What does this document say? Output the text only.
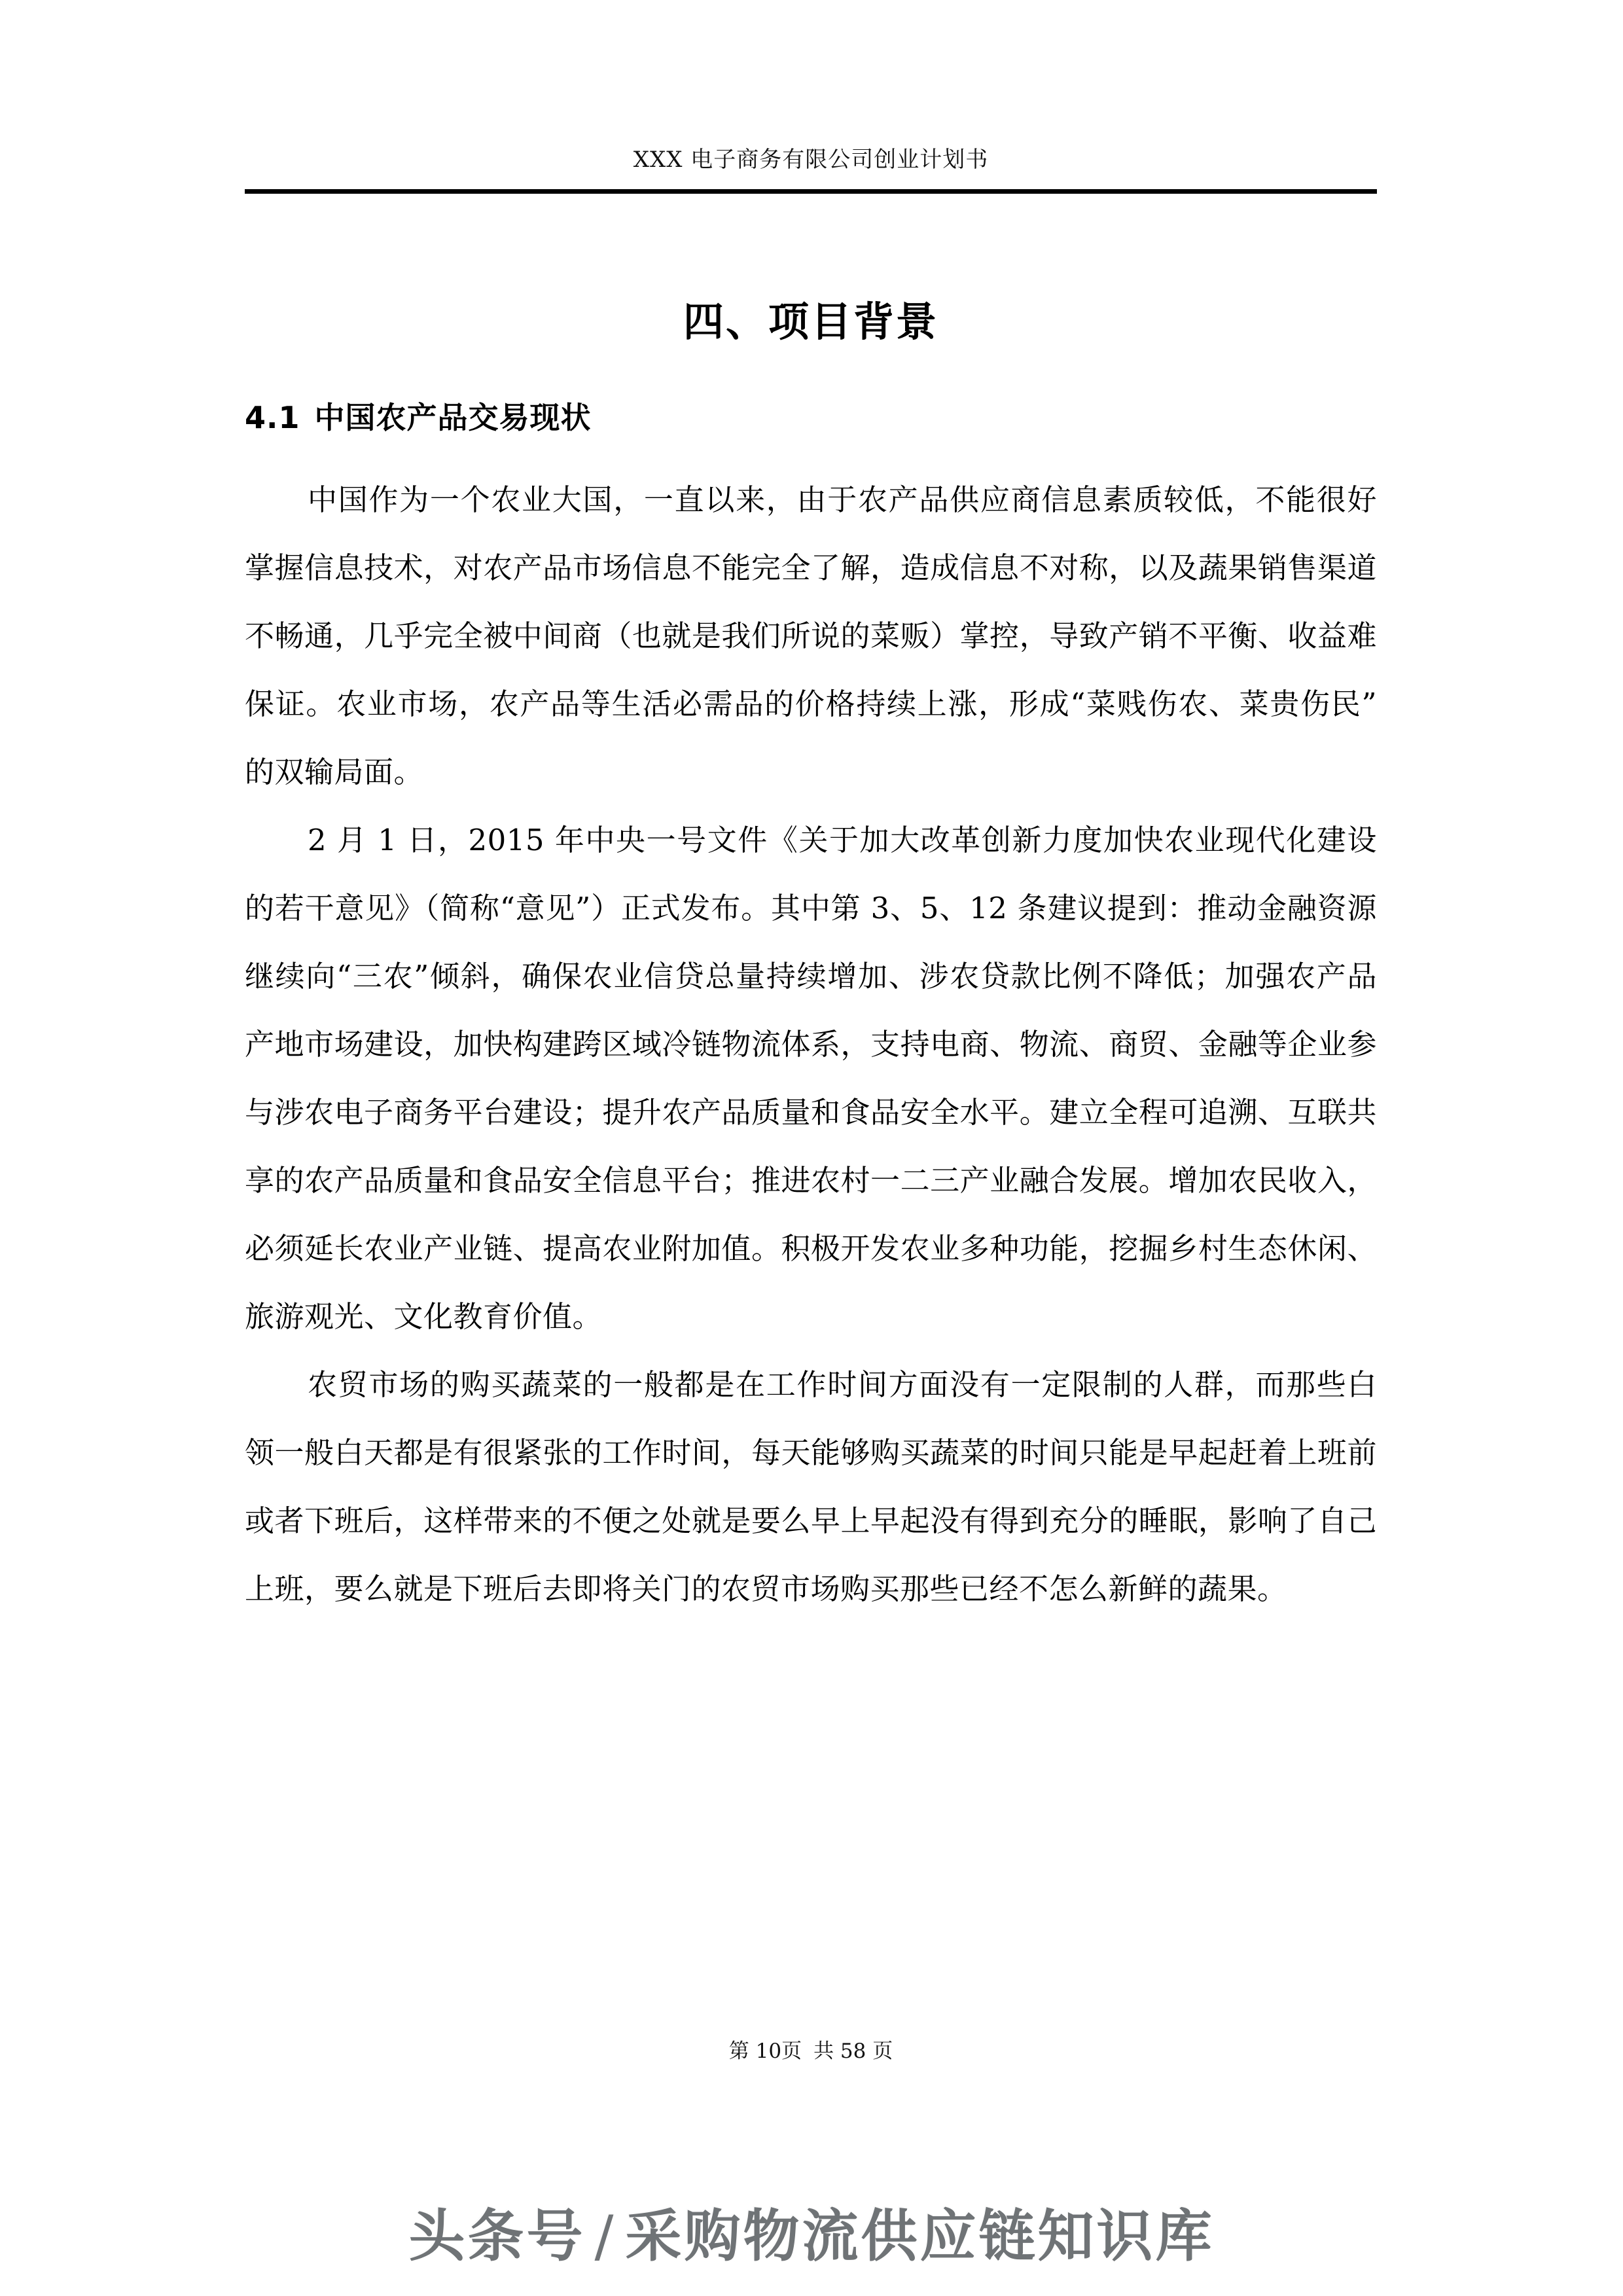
XXX 电子商务有限公司创业计划书
四、项目背景
4.1 中国农产品交易现状

中国作为一个农业大国，一直以来，由于农产品供应商信息素质较低，不能很好掌握信息技术，对农产品市场信息不能完全了解，造成信息不对称，以及蔬果销售渠道不畅通，几乎完全被中间商（也就是我们所说的菜贩）掌控，导致产销不平衡、收益难保证。农业市场，农产品等生活必需品的价格持续上涨，形成“菜贱伤农、菜贵伤民”的双输局面。

2 月 1 日，2015 年中央一号文件《关于加大改革创新力度加快农业现代化建设的若干意见》（简称“意见”）正式发布。其中第 3、5、12 条建议提到：推动金融资源继续向“三农”倾斜，确保农业信贷总量持续增加、涉农贷款比例不降低；加强农产品产地市场建设，加快构建跨区域冷链物流体系，支持电商、物流、商贸、金融等企业参与涉农电子商务平台建设；提升农产品质量和食品安全水平。建立全程可追溯、互联共享的农产品质量和食品安全信息平台；推进农村一二三产业融合发展。增加农民收入，必须延长农业产业链、提高农业附加值。积极开发农业多种功能，挖掘乡村生态休闲、旅游观光、文化教育价值。

农贸市场的购买蔬菜的一般都是在工作时间方面没有一定限制的人群，而那些白领一般白天都是有很紧张的工作时间，每天能够购买蔬菜的时间只能是早起赶着上班前或者下班后，这样带来的不便之处就是要么早上早起没有得到充分的睡眠，影响了自己上班，要么就是下班后去即将关门的农贸市场购买那些已经不怎么新鲜的蔬果。

第 10页 共 58 页
头条号 / 采购物流供应链知识库
